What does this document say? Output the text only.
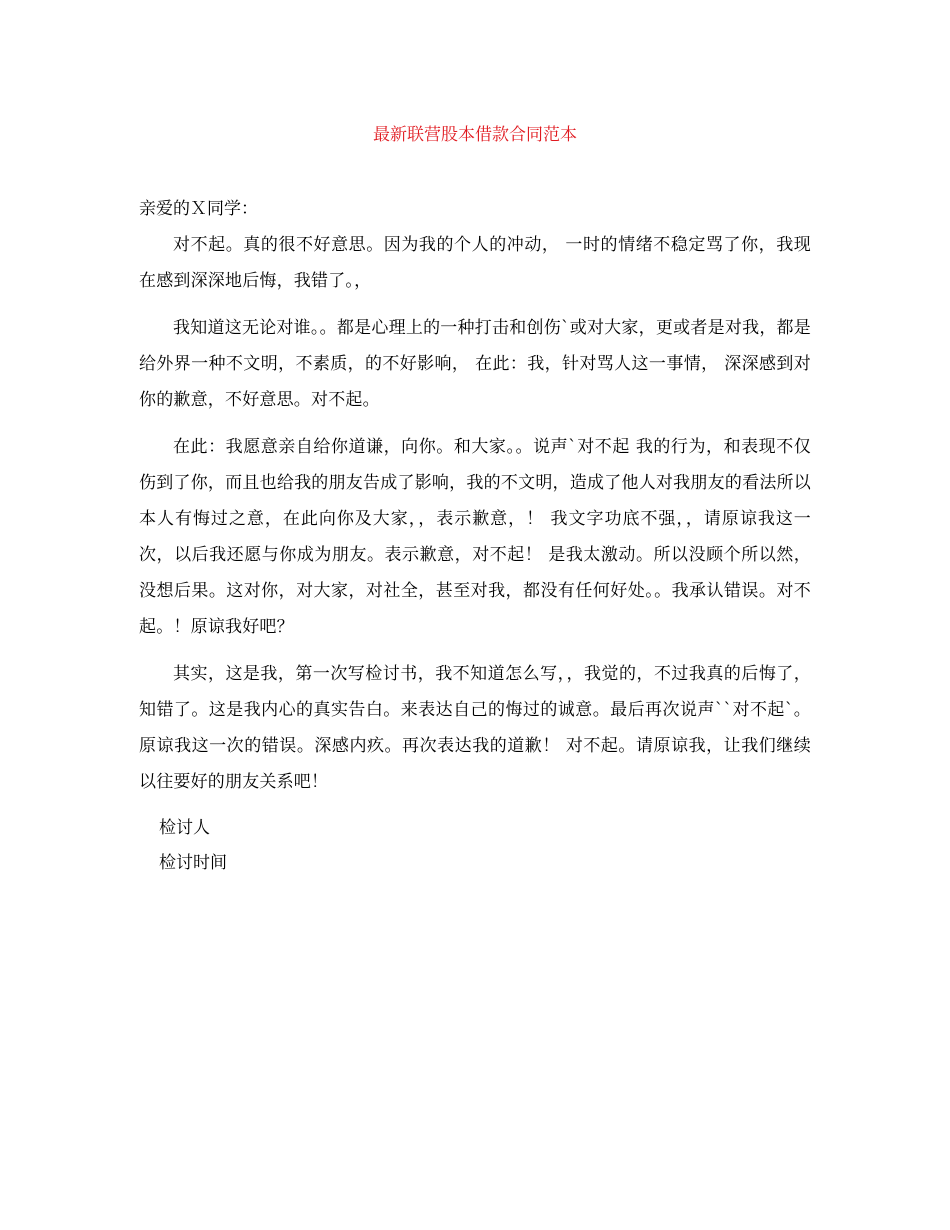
最新联营股本借款合同范本

亲爱的Ｘ同学：

对不起。真的很不好意思。因为我的个人的冲动， 一时的情绪不稳定骂了你，我现在感到深深地后悔，我错了。，

我知道这无论对谁。。都是心理上的一种打击和创伤`或对大家，更或者是对我，都是给外界一种不文明，不素质，的不好影响， 在此：我，针对骂人这一事情， 深深感到对你的歉意，不好意思。对不起。

在此：我愿意亲自给你道谦，向你。和大家。。说声`对不起 我的行为，和表现不仅伤到了你，而且也给我的朋友告成了影响，我的不文明，造成了他人对我朋友的看法所以本人有悔过之意，在此向你及大家，，表示歉意，！ 我文字功底不强，，请原谅我这一次，以后我还愿与你成为朋友。表示歉意，对不起！ 是我太激动。所以没顾个所以然，没想后果。这对你，对大家，对社全，甚至对我，都没有任何好处。。我承认错误。对不起。！原谅我好吧？

其实，这是我，第一次写检讨书，我不知道怎么写，，我觉的，不过我真的后悔了，知错了。这是我内心的真实告白。来表达自己的悔过的诚意。最后再次说声``对不起`。原谅我这一次的错误。深感内疚。再次表达我的道歉！ 对不起。请原谅我，让我们继续以往要好的朋友关系吧！

检讨人

检讨时间
